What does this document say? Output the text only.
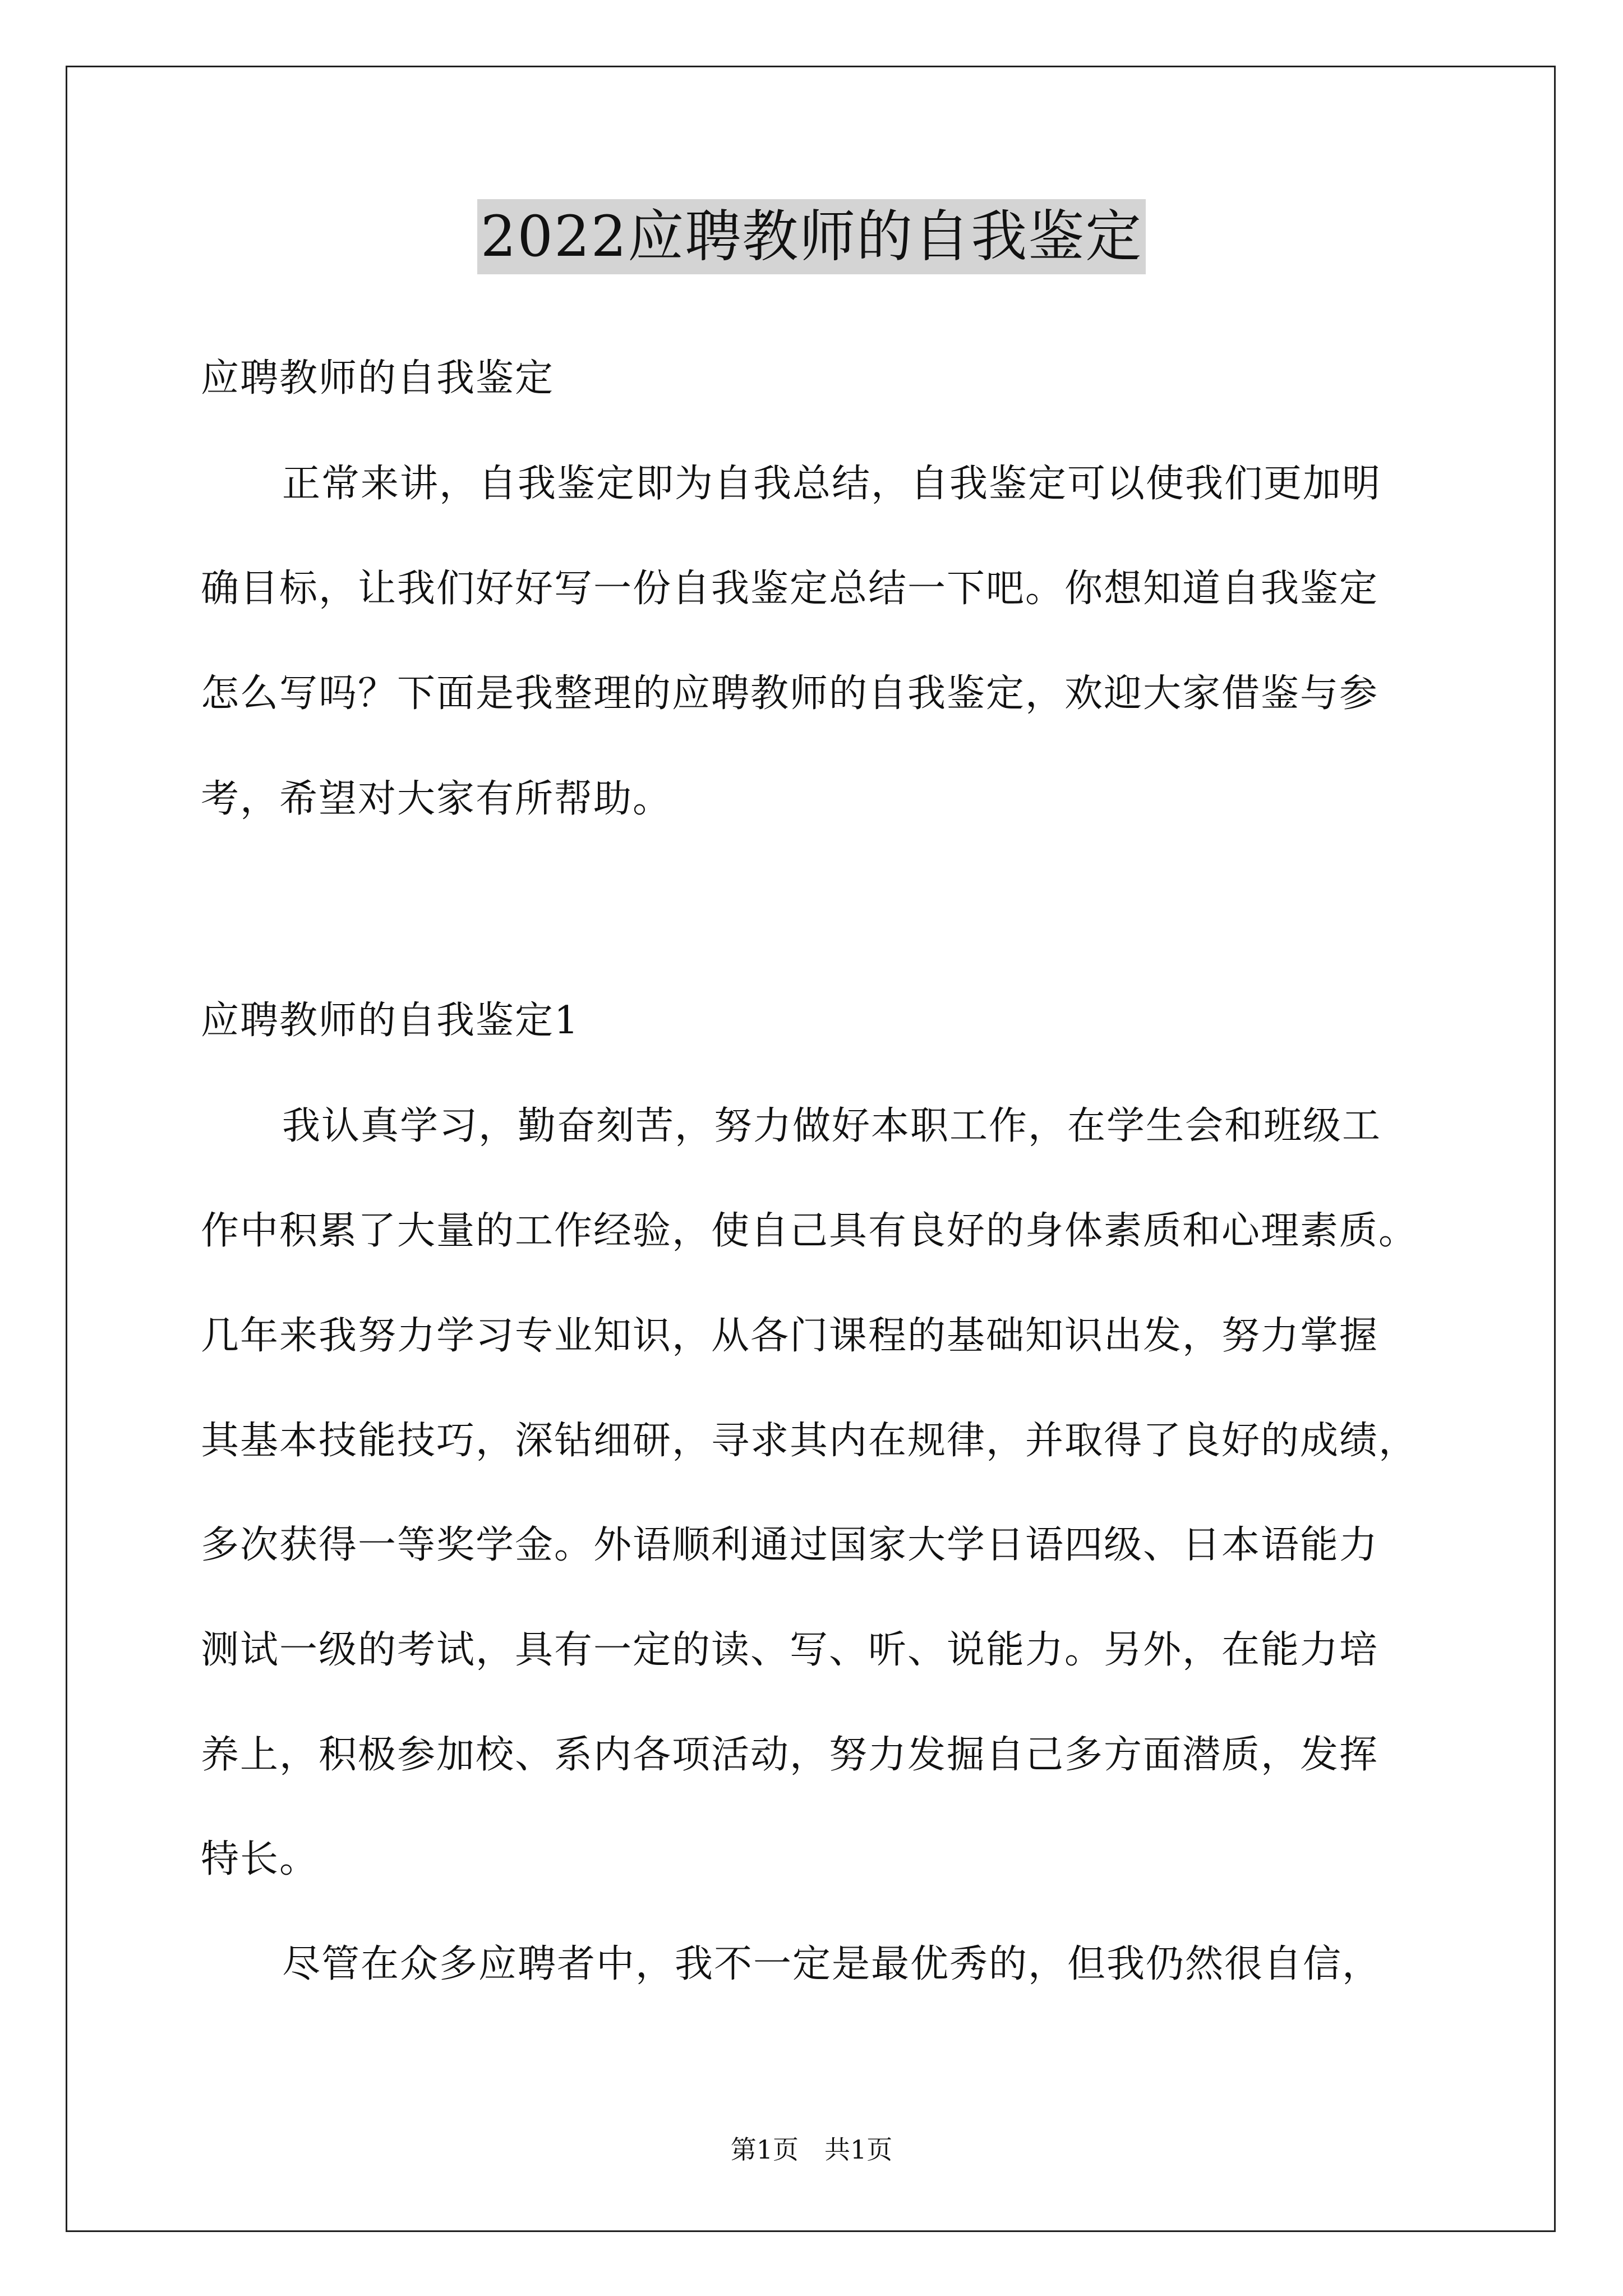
2022应聘教师的自我鉴定
应聘教师的自我鉴定
正常来讲，自我鉴定即为自我总结，自我鉴定可以使我们更加明
确目标，让我们好好写一份自我鉴定总结一下吧。你想知道自我鉴定
怎么写吗？下面是我整理的应聘教师的自我鉴定，欢迎大家借鉴与参
考，希望对大家有所帮助。
应聘教师的自我鉴定1
我认真学习，勤奋刻苦，努力做好本职工作，在学生会和班级工
作中积累了大量的工作经验，使自己具有良好的身体素质和心理素质。
几年来我努力学习专业知识，从各门课程的基础知识出发，努力掌握
其基本技能技巧，深钻细研，寻求其内在规律，并取得了良好的成绩，
多次获得一等奖学金。外语顺利通过国家大学日语四级、日本语能力
测试一级的考试，具有一定的读、写、听、说能力。另外，在能力培
养上，积极参加校、系内各项活动，努力发掘自己多方面潜质，发挥
特长。
尽管在众多应聘者中，我不一定是最优秀的，但我仍然很自信，
第1页　共1页
